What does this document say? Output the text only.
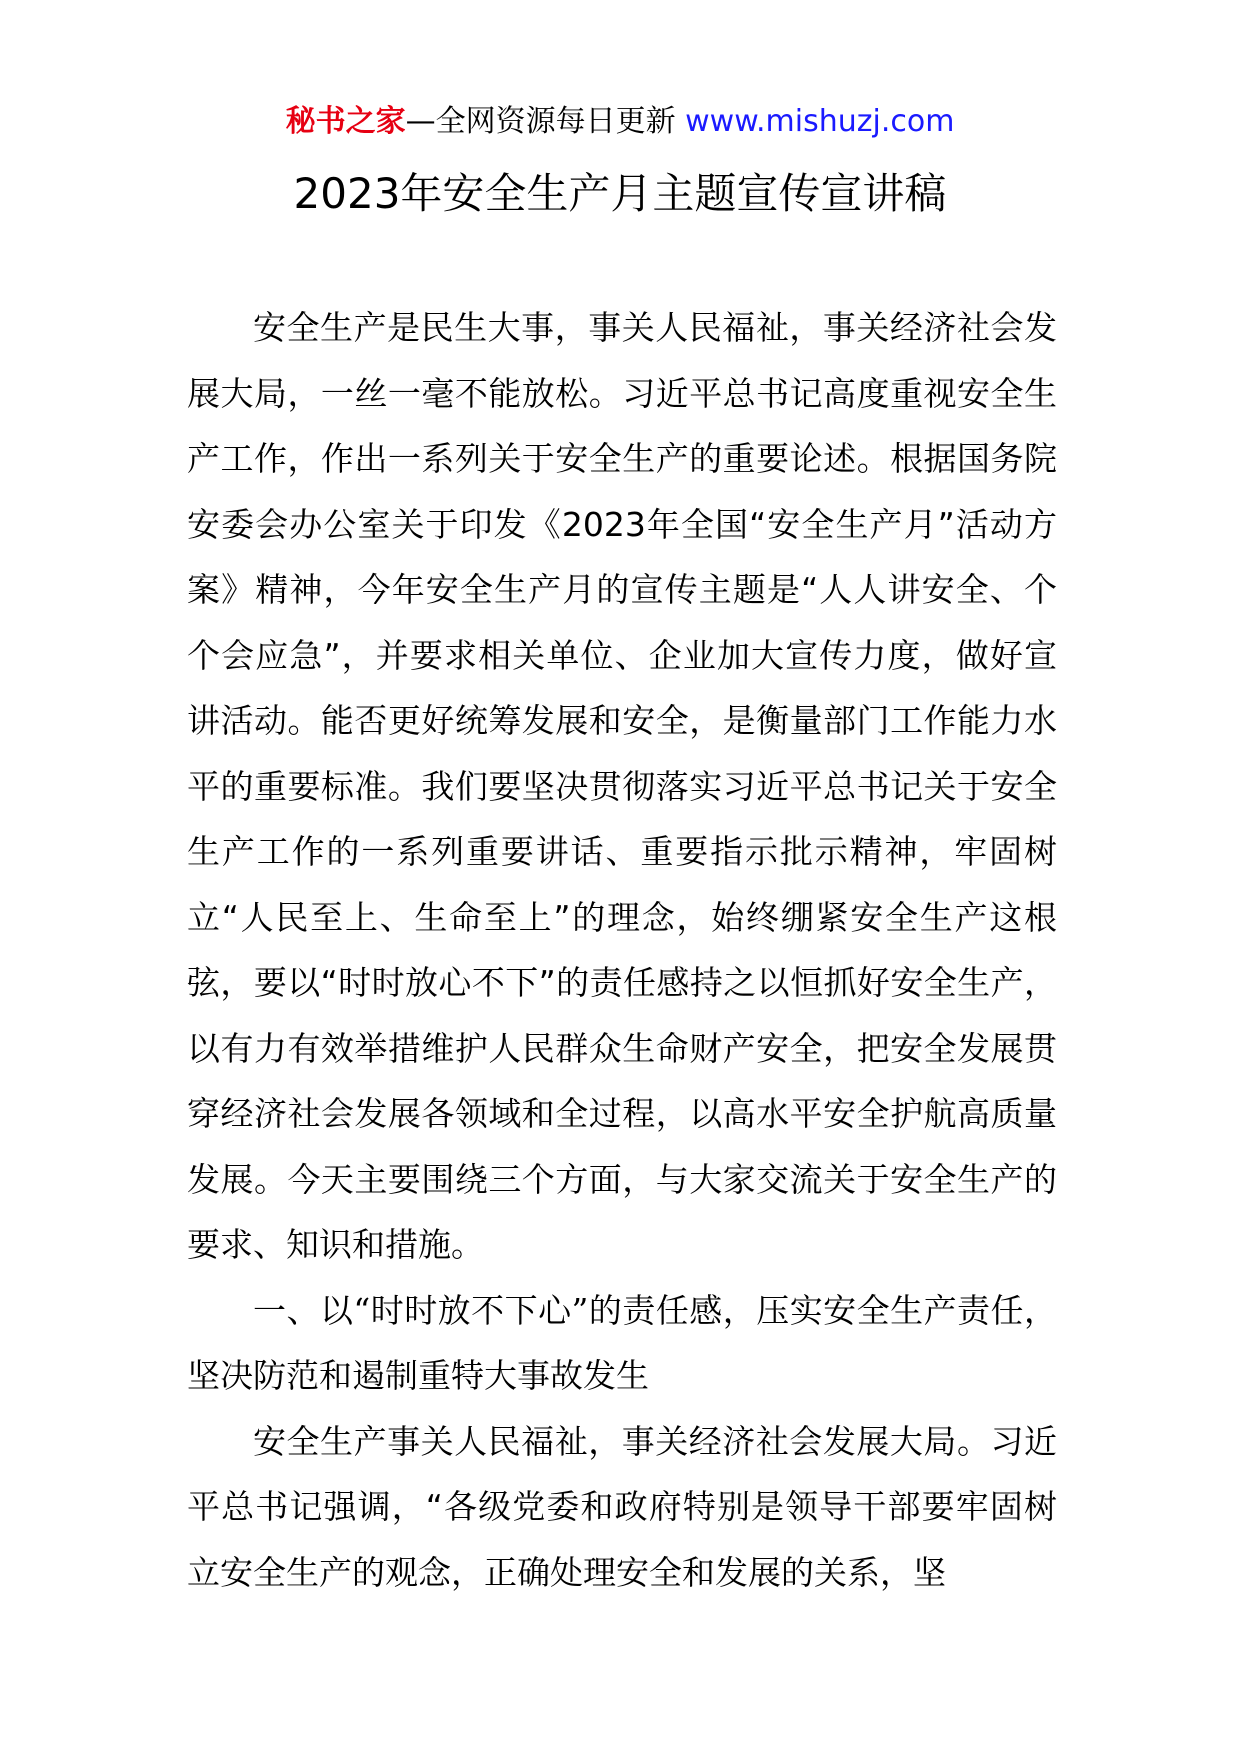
秘书之家—全网资源每日更新 www.mishuzj.com
2023年安全生产月主题宣传宣讲稿

安全生产是民生大事，事关人民福祉，事关经济社会发展大局，一丝一毫不能放松。习近平总书记高度重视安全生产工作，作出一系列关于安全生产的重要论述。根据国务院安委会办公室关于印发《2023年全国“安全生产月”活动方案》精神，今年安全生产月的宣传主题是“人人讲安全、个个会应急”，并要求相关单位、企业加大宣传力度，做好宣讲活动。能否更好统筹发展和安全，是衡量部门工作能力水平的重要标准。我们要坚决贯彻落实习近平总书记关于安全生产工作的一系列重要讲话、重要指示批示精神，牢固树立“人民至上、生命至上”的理念，始终绷紧安全生产这根弦，要以“时时放心不下”的责任感持之以恒抓好安全生产，以有力有效举措维护人民群众生命财产安全，把安全发展贯穿经济社会发展各领域和全过程，以高水平安全护航高质量发展。今天主要围绕三个方面，与大家交流关于安全生产的要求、知识和措施。

一、以“时时放不下心”的责任感，压实安全生产责任，坚决防范和遏制重特大事故发生

安全生产事关人民福祉，事关经济社会发展大局。习近平总书记强调，“各级党委和政府特别是领导干部要牢固树立安全生产的观念，正确处理安全和发展的关系，坚
